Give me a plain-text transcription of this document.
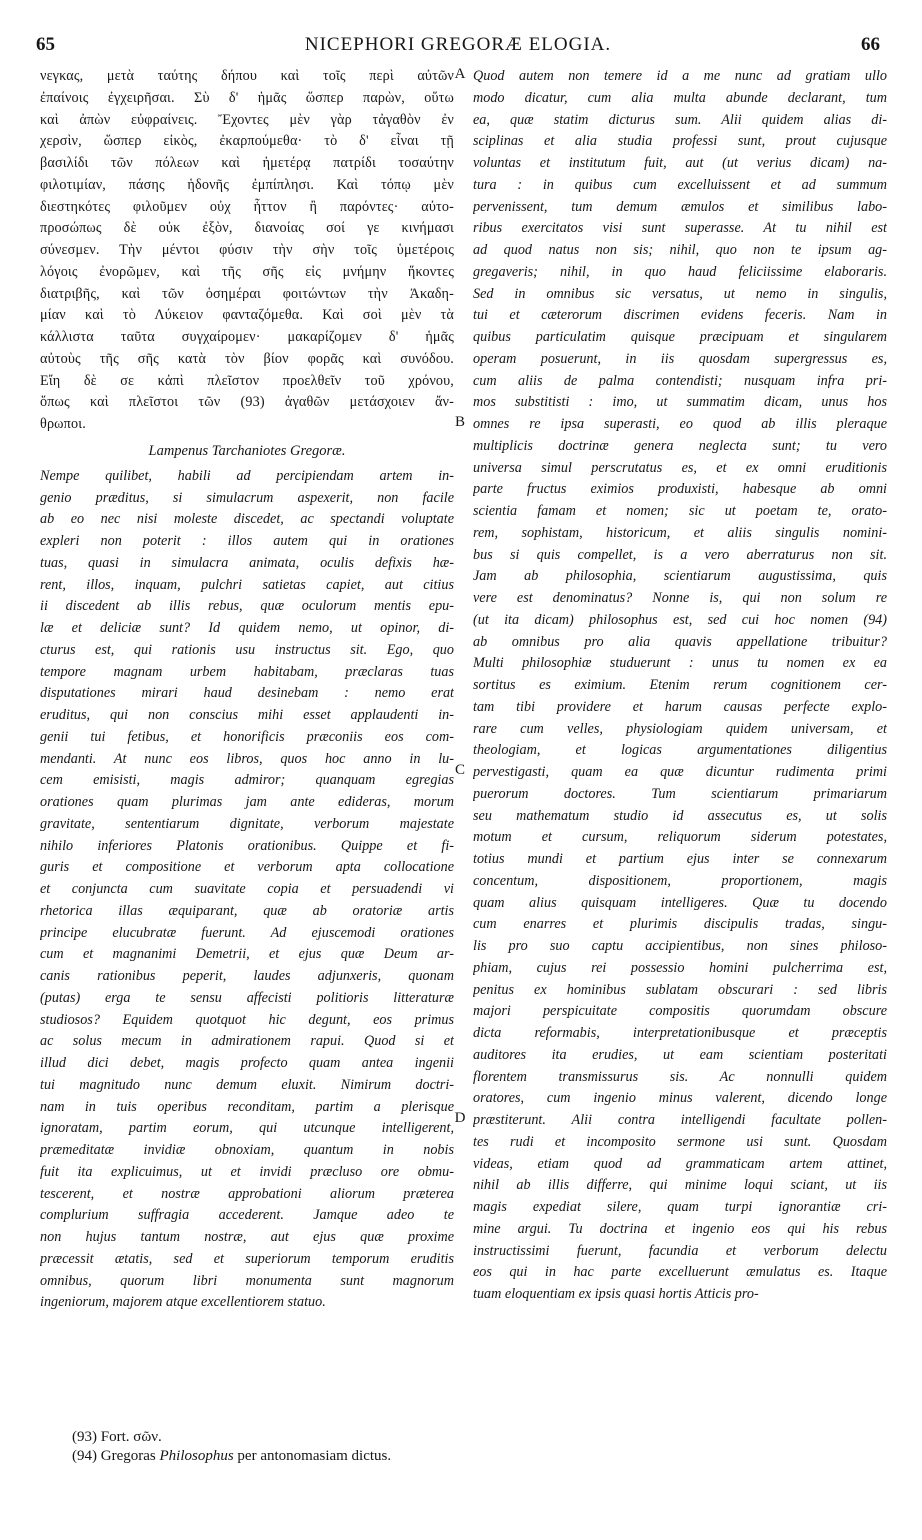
65	NICEPHORI GREGORÆ ELOGIA.	66
νεγκας, μετὰ ταύτης δήπου καὶ τοῖς περὶ αὐτῶν
ἐπαίνοις ἐγχειρῆσαι. Σὺ δ' ἡμᾶς ὥσπερ παρὼν, οὕτω
καὶ ἀπὼν εὐφραίνεις. Ἔχοντες μὲν γὰρ τἀγαθὸν ἐν
χερσὶν, ὥσπερ εἰκὸς, ἐκαρπούμεθα· τὸ δ' εἶναι τῇ
βασιλίδι τῶν πόλεων καὶ ἡμετέρᾳ πατρίδι τοσαύτην
φιλοτιμίαν, πάσης ἡδονῆς ἐμπίπλησι. Καὶ τόπῳ μὲν
διεστηκότες φιλοῦμεν οὐχ ἧττον ἢ παρόντες· αὐτο-
προσώπως δὲ οὐκ ἐξὸν, διανοίας σοί γε κινήμασι
σύνεσμεν. Τὴν μέντοι φύσιν τὴν σὴν τοῖς ὑμετέροις
λόγοις ἐνορῶμεν, καὶ τῆς σῆς εἰς μνήμην ἥκοντες
διατριβῆς, καὶ τῶν ὁσημέραι φοιτώντων τὴν Ἀκαδη-
μίαν καὶ τὸ Λύκειον φανταζόμεθα. Καὶ σοὶ μὲν τὰ
κάλλιστα ταῦτα συγχαίρομεν· μακαρίζομεν δ' ἡμᾶς
αὐτοὺς τῆς σῆς κατὰ τὸν βίον φορᾶς καὶ συνόδου.
Εἴη δὲ σε κἀπὶ πλεῖστον προελθεῖν τοῦ χρόνου,
ὅπως καὶ πλεῖστοι τῶν (93) ἀγαθῶν μετάσχοιεν ἄν-
θρωποι.
Lampenus Tarchaniotes Gregoræ.
Nempe quilibet, habili ad percipiendam artem in-
genio præditus, si simulacrum aspexerit, non facile
ab eo nec nisi moleste discedet, ac spectandi voluptate
expleri non poterit : illos autem qui in orationes
tuas, quasi in simulacra animata, oculis defixis hæ-
rent, illos, inquam, pulchri satietas capiet, aut citius
ii discedent ab illis rebus, quæ oculorum mentis epu-
læ et deliciæ sunt? Id quidem nemo, ut opinor, di-
cturus est, qui rationis usu instructus sit. Ego, quo
tempore magnam urbem habitabam, præclaras tuas
disputationes mirari haud desinebam : nemo erat
eruditus, qui non conscius mihi esset applaudenti in-
genii tui fetibus, et honorificis præconiis eos com-
mendanti. At nunc eos libros, quos hoc anno in lu-
cem emisisti, magis admiror; quanquam egregias
orationes quam plurimas jam ante edideras, morum
gravitate, sententiarum dignitate, verborum majestate
nihilo inferiores Platonis orationibus. Quippe et fi-
guris et compositione et verborum apta collocatione
et conjuncta cum suavitate copia et persuadendi vi
rhetorica illas æquiparant, quæ ab oratoriæ artis
principe elucubratæ fuerunt. Ad ejuscemodi orationes
cum et magnanimi Demetrii, et ejus quæ Deum ar-
canis rationibus peperit, laudes adjunxeris, quonam
(putas) erga te sensu affecisti politioris litteraturæ
studiosos? Equidem quotquot hic degunt, eos primus
ac solus mecum in admirationem rapui. Quod si et
illud dici debet, magis profecto quam antea ingenii
tui magnitudo nunc demum eluxit. Nimirum doctri-
nam in tuis operibus reconditam, partim a plerisque
ignoratam, partim eorum, qui utcunque intelligerent,
præmeditatæ invidiæ obnoxiam, quantum in nobis
fuit ita explicuimus, ut et invidi præcluso ore obmu-
tescerent, et nostræ approbationi aliorum præterea
complurium suffragia accederent. Jamque adeo te
non hujus tantum nostræ, aut ejus quæ proxime
præcessit ætatis, sed et superiorum temporum eruditis
omnibus, quorum libri monumenta sunt magnorum
ingeniorum, majorem atque excellentiorem statuo.
Quod autem non temere id a me nunc ad gratiam ullo
modo dicatur, cum alia multa abunde declarant, tum
ea, quæ statim dicturus sum. Alii quidem alias di-
sciplinas et alia studia professi sunt, prout cujusque
voluntas et institutum fuit, aut (ut verius dicam) na-
tura : in quibus cum excelluissent et ad summum
pervenissent, tum demum æmulos et similibus labo-
ribus exercitatos visi sunt superasse. At tu nihil est
ad quod natus non sis; nihil, quo non te ipsum ag-
gregaveris; nihil, in quo haud feliciissime elaboraris.
Sed in omnibus sic versatus, ut nemo in singulis,
tui et cæterorum discrimen evidens feceris. Nam in
quibus particulatim quisque præcipuam et singularem
operam posuerunt, in iis quosdam supergressus es,
cum aliis de palma contendisti; nusquam infra pri-
mos substitisti : imo, ut summatim dicam, unus hos
omnes re ipsa superasti, eo quod ab illis pleraque
multiplicis doctrinæ genera neglecta sunt; tu vero
universa simul perscrutatus es, et ex omni eruditionis
parte fructus eximios produxisti, habesque ab omni
scientia famam et nomen; sic ut poetam te, orato-
rem, sophistam, historicum, et aliis singulis nomini-
bus si quis compellet, is a vero aberraturus non sit.
Jam ab philosophia, scientiarum augustissima, quis
vere est denominatus? Nonne is, qui non solum re
(ut ita dicam) philosophus est, sed cui hoc nomen (94)
ab omnibus pro alia quavis appellatione tribuitur?
Multi philosophiæ studuerunt : unus tu nomen ex ea
sortitus es eximium. Etenim rerum cognitionem cer-
tam tibi providere et harum causas perfecte explo-
rare cum velles, physiologiam quidem universam, et
theologiam, et logicas argumentationes diligentius
pervestigasti, quam ea quæ dicuntur rudimenta primi
puerorum doctores. Tum scientiarum primariarum
seu mathematum studio id assecutus es, ut solis
motum et cursum, reliquorum siderum potestates,
totius mundi et partium ejus inter se connexarum
concentum, dispositionem, proportionem, magis
quam alius quisquam intelligeres. Quæ tu docendo
cum enarres et plurimis discipulis tradas, singu-
lis pro suo captu accipientibus, non sines philoso-
phiam, cujus rei possessio homini pulcherrima est,
penitus ex hominibus sublatam obscurari : sed libris
majori perspicuitate compositis quorumdam obscure
dicta reformabis, interpretationibusque et præceptis
auditores ita erudies, ut eam scientiam posteritati
florentem transmissurus sis. Ac nonnulli quidem
oratores, cum ingenio minus valerent, dicendo longe
præstiterunt. Alii contra intelligendi facultate pollen-
tes rudi et incomposito sermone usi sunt. Quosdam
videas, etiam quod ad grammaticam artem attinet,
nihil ab illis differre, qui minime loqui sciant, ut iis
magis expediat silere, quam turpi ignorantiæ cri-
mine argui. Tu doctrina et ingenio eos qui his rebus
instructissimi fuerunt, facundia et verborum delectu
eos qui in hac parte excelluerunt æmulatus es. Itaque
tuam eloquentiam ex ipsis quasi hortis Atticis pro-
A
B
C
D
(93) Fort. σῶν.
(94) Gregoras Philosophus per antonomasiam dictus.
